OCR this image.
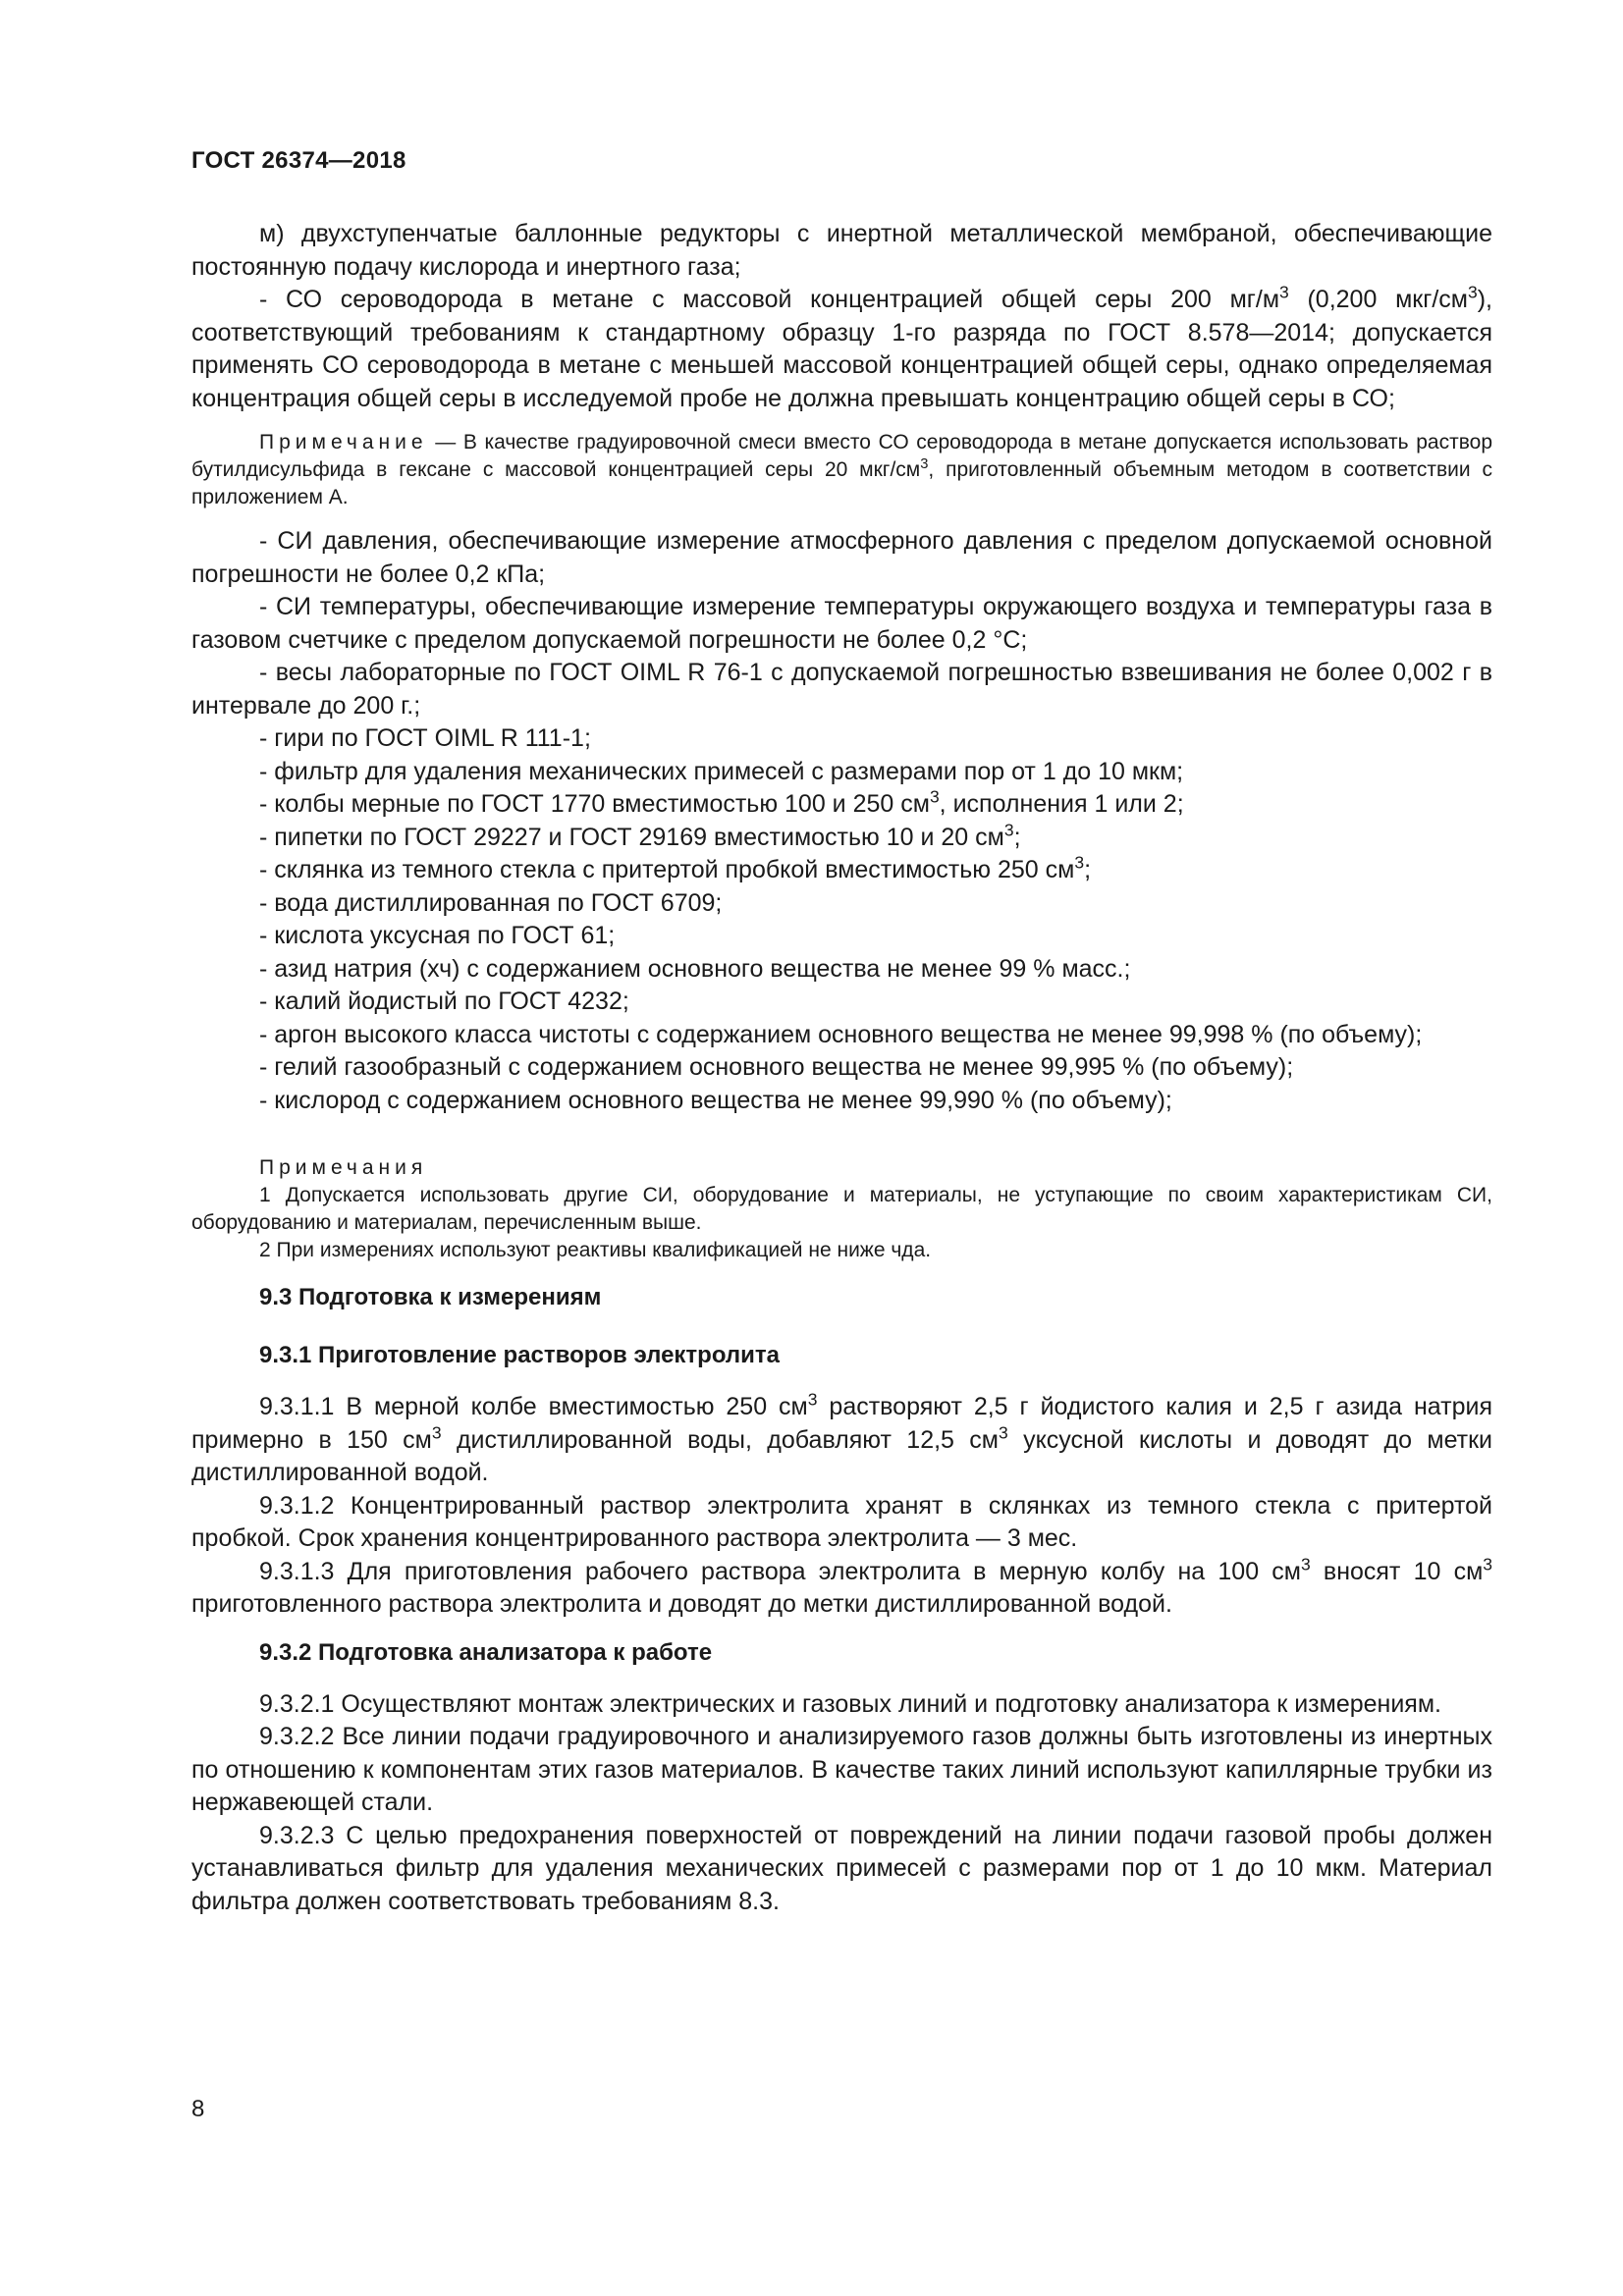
ГОСТ 26374—2018

м) двухступенчатые баллонные редукторы с инертной металлической мембраной, обеспечивающие постоянную подачу кислорода и инертного газа;

- СО сероводорода в метане с массовой концентрацией общей серы 200 $мг/м^3$ (0,200 мкг/$см^3$), соответствующий требованиям к стандартному образцу 1-го разряда по ГОСТ 8.578—2014; допускается применять СО сероводорода в метане с меньшей массовой концентрацией общей серы, однако определяемая концентрация общей серы в исследуемой пробе не должна превышать концентрацию общей серы в СО;

Примечание — В качестве градуировочной смеси вместо СО сероводорода в метане допускается использовать раствор бутилдисульфида в гексане с массовой концентрацией серы 20 мкг/$см^3$, приготовленный объемным методом в соответствии с приложением А.

- СИ давления, обеспечивающие измерение атмосферного давления с пределом допускаемой основной погрешности не более 0,2 кПа;

- СИ температуры, обеспечивающие измерение температуры окружающего воздуха и температуры газа в газовом счетчике с пределом допускаемой погрешности не более 0,2 °С;

- весы лабораторные по ГОСТ OIML R 76-1 с допускаемой погрешностью взвешивания не более 0,002 г в интервале до 200 г.;

- гири по ГОСТ OIML R 111-1;

- фильтр для удаления механических примесей с размерами пор от 1 до 10 мкм;

- колбы мерные по ГОСТ 1770 вместимостью 100 и 250 $см^3$, исполнения 1 или 2;

- пипетки по ГОСТ 29227 и ГОСТ 29169 вместимостью 10 и 20 $см^3$;

- склянка из темного стекла с притертой пробкой вместимостью 250 $см^3$;

- вода дистиллированная по ГОСТ 6709;

- кислота уксусная по ГОСТ 61;

- азид натрия (хч) с содержанием основного вещества не менее 99 % масс.;

- калий йодистый по ГОСТ 4232;

- аргон высокого класса чистоты с содержанием основного вещества не менее 99,998 % (по объему);

- гелий газообразный с содержанием основного вещества не менее 99,995 % (по объему);

- кислород с содержанием основного вещества не менее 99,990 % (по объему);

Примечания

1 Допускается использовать другие СИ, оборудование и материалы, не уступающие по своим характеристикам СИ, оборудованию и материалам, перечисленным выше.

2 При измерениях используют реактивы квалификацией не ниже чда.

9.3 Подготовка к измерениям

9.3.1 Приготовление растворов электролита

9.3.1.1 В мерной колбе вместимостью 250 $см^3$ растворяют 2,5 г йодистого калия и 2,5 г азида натрия примерно в 150 $см^3$ дистиллированной воды, добавляют 12,5 $см^3$ уксусной кислоты и доводят до метки дистиллированной водой.

9.3.1.2 Концентрированный раствор электролита хранят в склянках из темного стекла с притертой пробкой. Срок хранения концентрированного раствора электролита — 3 мес.

9.3.1.3 Для приготовления рабочего раствора электролита в мерную колбу на 100 $см^3$ вносят 10 $см^3$ приготовленного раствора электролита и доводят до метки дистиллированной водой.

9.3.2 Подготовка анализатора к работе

9.3.2.1 Осуществляют монтаж электрических и газовых линий и подготовку анализатора к измерениям.

9.3.2.2 Все линии подачи градуировочного и анализируемого газов должны быть изготовлены из инертных по отношению к компонентам этих газов материалов. В качестве таких линий используют капиллярные трубки из нержавеющей стали.

9.3.2.3 С целью предохранения поверхностей от повреждений на линии подачи газовой пробы должен устанавливаться фильтр для удаления механических примесей с размерами пор от 1 до 10 мкм. Материал фильтра должен соответствовать требованиям 8.3.

8
